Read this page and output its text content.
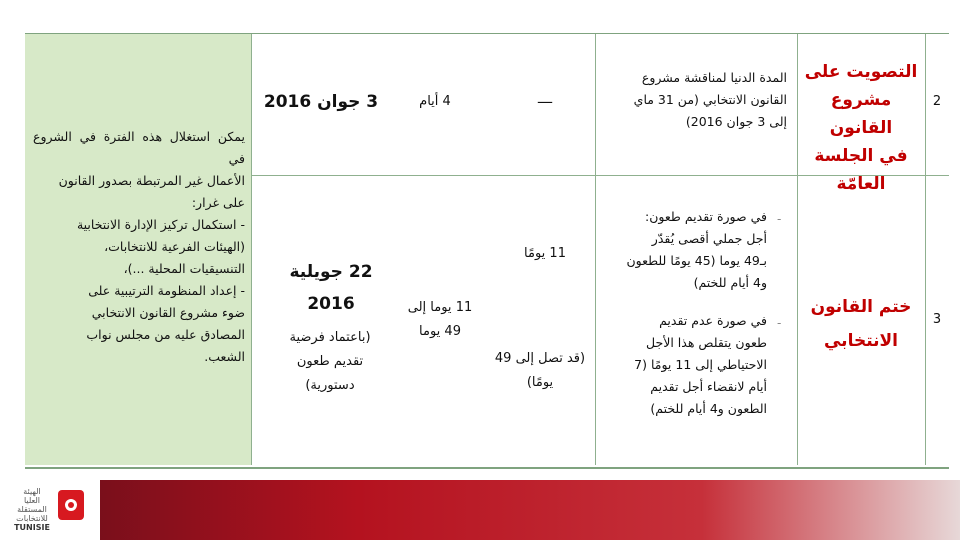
2
التصويت على
مشروع القانون
في الجلسة العامّة
المدة الدنيا لمناقشة مشروع
القانون الانتخابي (من 31 ماي
إلى 3 جوان 2016)
—
4 أيام
3 جوان 2016
3
ختم القانون
الانتخابي
-
في صورة تقديم طعون:
أجل جملي أقصى يُقدّر
بـ49 يوما (45 يومًا للطعون
و4 أيام للختم)
-
في صورة عدم تقديم
طعون يتقلص هذا الأجل
الاحتياطي إلى 11 يومًا (7
أيام لانقضاء أجل تقديم
الطعون و4 أيام للختم)
11 يومًا
(قد تصل إلى 49
يومًا)
11 يوما إلى
49 يوما
22 جويلية
2016
(باعتماد فرضية
تقديم طعون
دستورية)
يمكن استغلال هذه الفترة في الشروع في
الأعمال غير المرتبطة بصدور القانون
على غرار:
- استكمال تركيز الإدارة الانتخابية
(الهيئات الفرعية للانتخابات،
التنسيقيات المحلية ...)،
- إعداد المنظومة الترتيبية على
ضوء مشروع القانون الانتخابي
المصادق عليه من مجلس نواب
الشعب.
الهيئة
العليا
المستقلة
للانتخابات
TUNISIE
